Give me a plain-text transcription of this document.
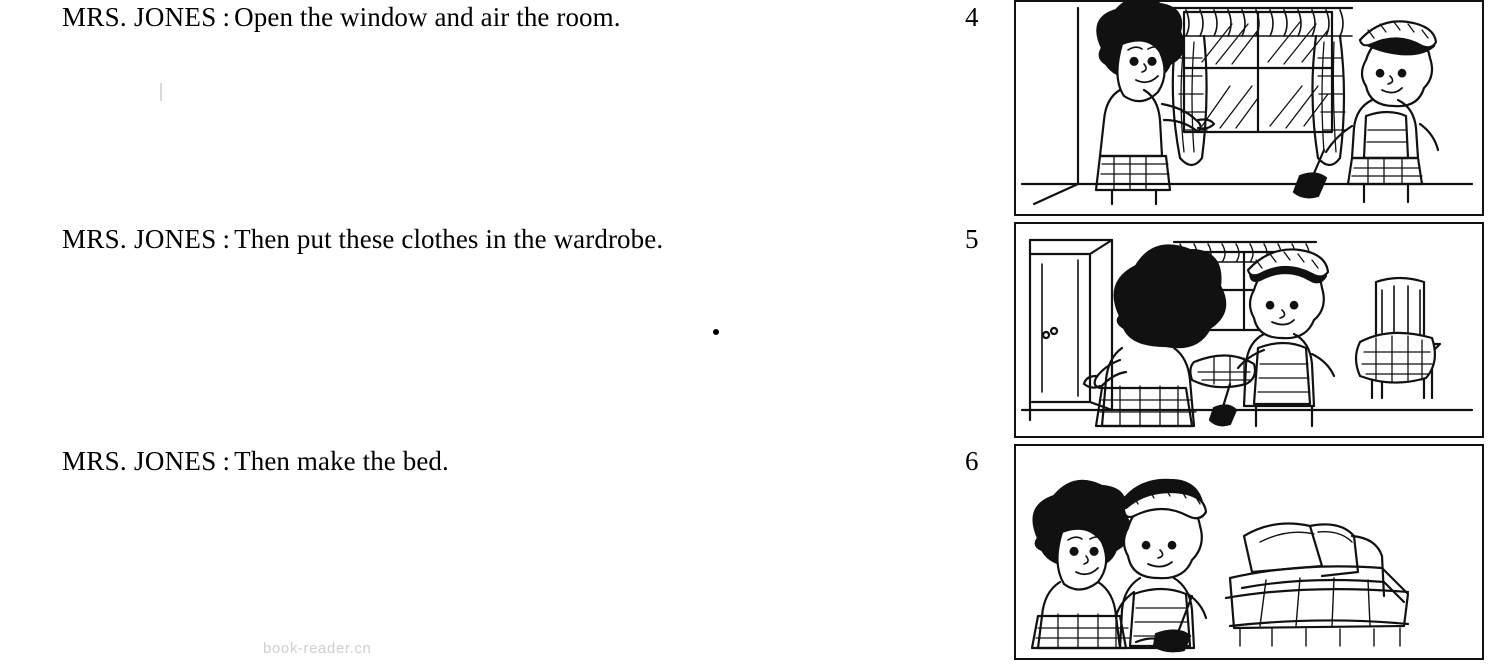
MRS. JONES : Open the window and air the room.	4
MRS. JONES : Then put these clothes in the wardrobe.	5
MRS. JONES : Then make the bed.	6
book-reader.cn
